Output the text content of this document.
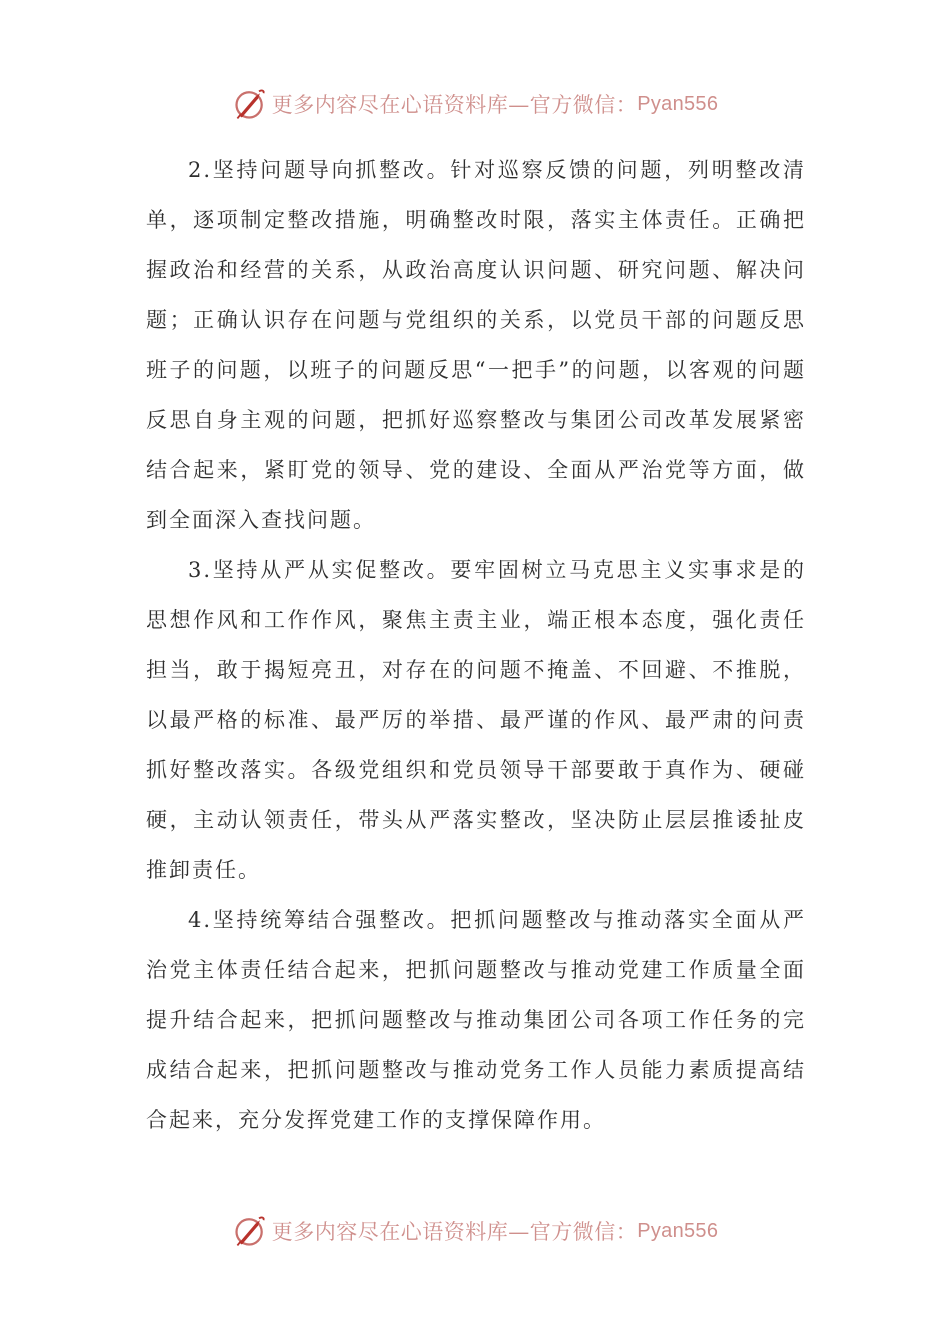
更多内容尽在心语资料库—官方微信： Pyan556

2.坚持问题导向抓整改。针对巡察反馈的问题，列明整改清单，逐项制定整改措施，明确整改时限，落实主体责任。正确把握政治和经营的关系，从政治高度认识问题、研究问题、解决问题；正确认识存在问题与党组织的关系，以党员干部的问题反思班子的问题，以班子的问题反思“一把手”的问题，以客观的问题反思自身主观的问题，把抓好巡察整改与集团公司改革发展紧密结合起来，紧盯党的领导、党的建设、全面从严治党等方面，做到全面深入查找问题。

3.坚持从严从实促整改。要牢固树立马克思主义实事求是的思想作风和工作作风，聚焦主责主业，端正根本态度，强化责任担当，敢于揭短亮丑，对存在的问题不掩盖、不回避、不推脱，以最严格的标准、最严厉的举措、最严谨的作风、最严肃的问责抓好整改落实。各级党组织和党员领导干部要敢于真作为、硬碰硬，主动认领责任，带头从严落实整改，坚决防止层层推诿扯皮推卸责任。

4.坚持统筹结合强整改。把抓问题整改与推动落实全面从严治党主体责任结合起来，把抓问题整改与推动党建工作质量全面提升结合起来，把抓问题整改与推动集团公司各项工作任务的完成结合起来，把抓问题整改与推动党务工作人员能力素质提高结合起来，充分发挥党建工作的支撑保障作用。

更多内容尽在心语资料库—官方微信： Pyan556
